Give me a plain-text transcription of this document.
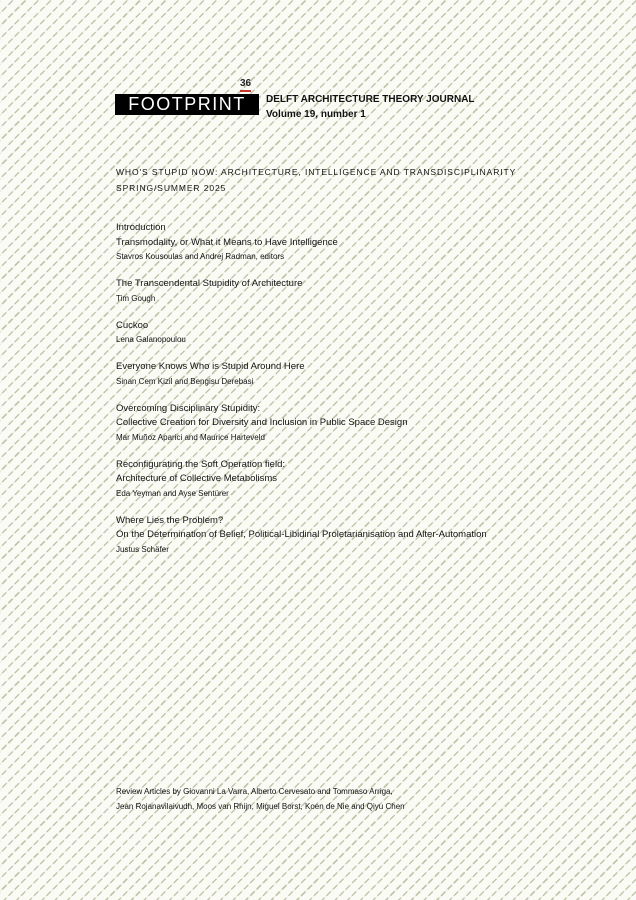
36
FOOTPRINT	DELFT ARCHITECTURE THEORY JOURNAL
Volume 19, number 1
WHO'S STUPID NOW: ARCHITECTURE, INTELLIGENCE AND TRANSDISCIPLINARITY
SPRING/SUMMER 2025
Introduction
Transmodality, or What it Means to Have Intelligence
Stavros Kousoulas and Andrej Radman, editors
The Transcendental Stupidity of Architecture
Tim Gough
Cuckoo
Lena Galanopoulou
Everyone Knows Who is Stupid Around Here
Sinan Cem Kizil and Bengisu Derebasi
Overcoming Disciplinary Stupidity:
Collective Creation for Diversity and Inclusion in Public Space Design
Mar Muñoz Aparici and Maurice Harteveld
Reconfigurating the Soft Operation field:
Architecture of Collective Metabolisms
Eda Yeyman and Ayse Sentürer
Where Lies the Problem?
On the Determination of Belief, Political-Libidinal Proletarianisation and Alter-Automation
Justus Schäfer
Review Articles by Giovanni La Varra, Alberto Cervesato and Tommaso Arriga,
Jean Rojanavilaivudh, Moos van Rhijn, Miguel Borst, Koen de Nie and Qiyu Chen
